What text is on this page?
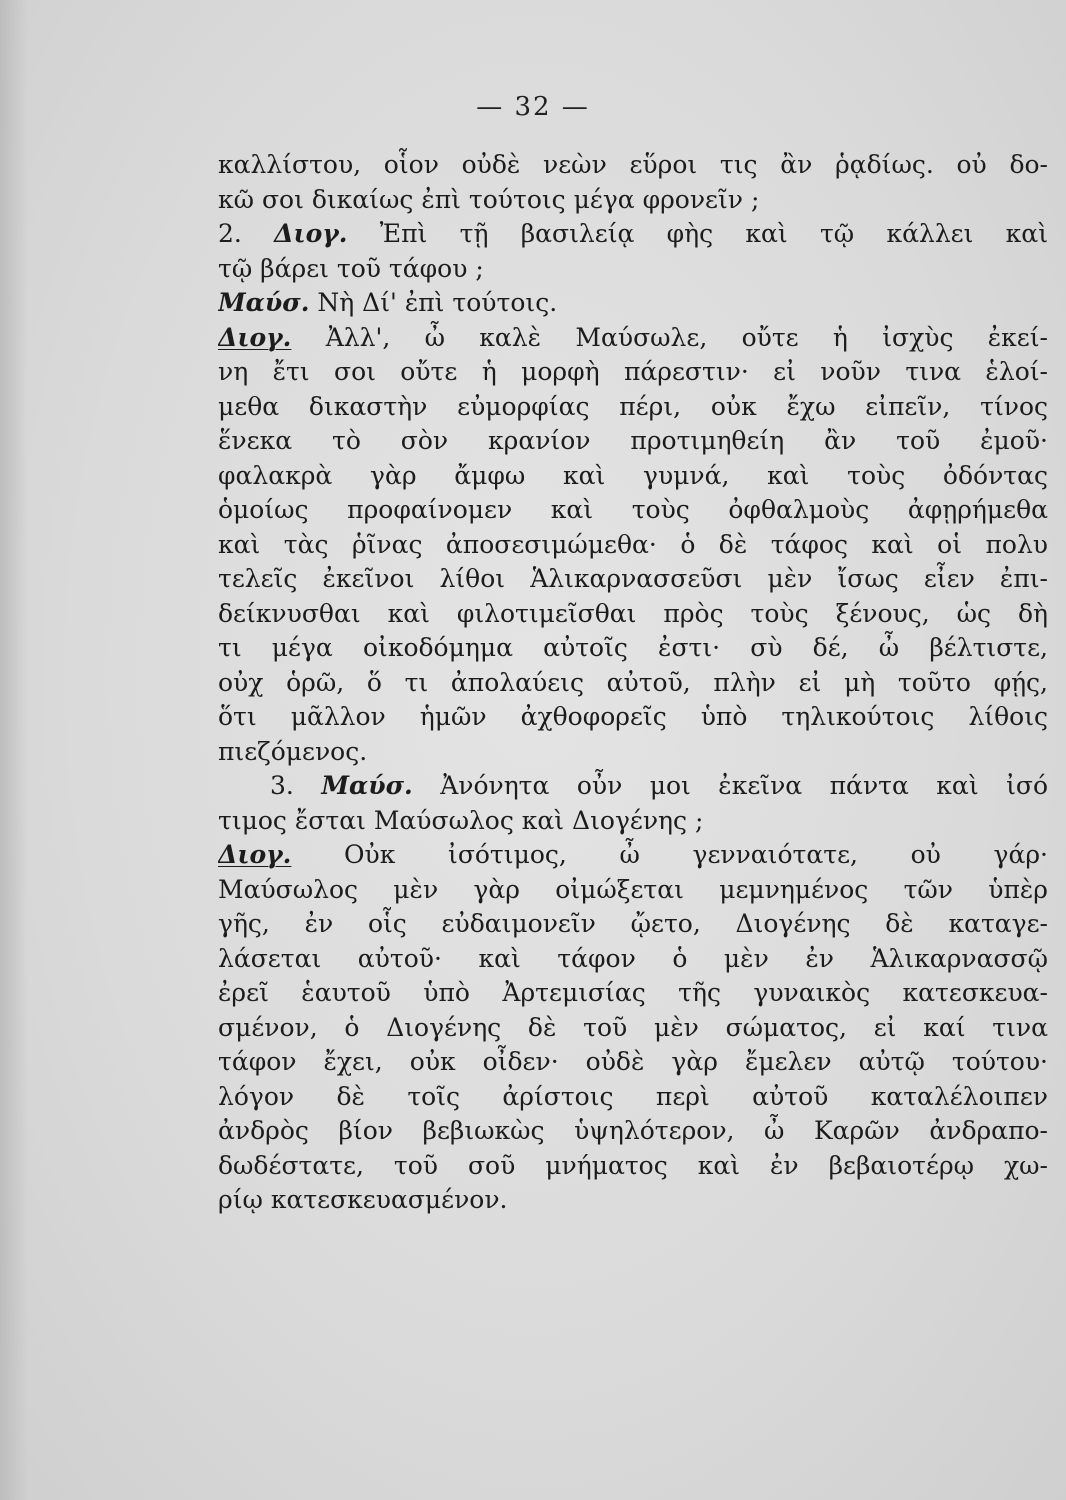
— 32 —
καλλίστου, οἷον οὐδὲ νεὼν εὕροι τις ἂν ῥᾳδίως. οὐ δο-
κῶ σοι δικαίως ἐπὶ τούτοις μέγα φρονεῖν ;
2. Διογ. Ἐπὶ τῇ βασιλείᾳ φὴς καὶ τῷ κάλλει καὶ
τῷ βάρει τοῦ τάφου ;
Μαύσ. Νὴ Δί' ἐπὶ τούτοις.
Διογ. Ἀλλ', ὦ καλὲ Μαύσωλε, οὔτε ἡ ἰσχὺς ἐκεί-
νη ἔτι σοι οὔτε ἡ μορφὴ πάρεστιν· εἰ νοῦν τινα ἑλοί-
μεθα δικαστὴν εὐμορφίας πέρι, οὐκ ἔχω εἰπεῖν, τίνος
ἕνεκα τὸ σὸν κρανίον προτιμηθείη ἂν τοῦ ἐμοῦ·
φαλακρὰ γὰρ ἄμφω καὶ γυμνά, καὶ τοὺς ὀδόντας
ὁμοίως προφαίνομεν καὶ τοὺς ὀφθαλμοὺς ἀφῃρήμεθα
καὶ τὰς ῥῖνας ἀποσεσιμώμεθα· ὁ δὲ τάφος καὶ οἱ πολυ
τελεῖς ἐκεῖνοι λίθοι Ἁλικαρνασσεῦσι μὲν ἴσως εἶεν ἐπι-
δείκνυσθαι καὶ φιλοτιμεῖσθαι πρὸς τοὺς ξένους, ὡς δὴ
τι μέγα οἰκοδόμημα αὐτοῖς ἐστι· σὺ δέ, ὦ βέλτιστε,
οὐχ ὁρῶ, ὅ τι ἀπολαύεις αὐτοῦ, πλὴν εἰ μὴ τοῦτο φῄς,
ὅτι μᾶλλον ἡμῶν ἀχθοφορεῖς ὑπὸ τηλικούτοις λίθοις
πιεζόμενος.
3. Μαύσ. Ἀνόνητα οὖν μοι ἐκεῖνα πάντα καὶ ἰσό
τιμος ἔσται Μαύσωλος καὶ Διογένης ;
Διογ. Οὐκ ἰσότιμος, ὦ γενναιότατε, οὐ γάρ·
Μαύσωλος μὲν γὰρ οἰμώξεται μεμνημένος τῶν ὑπὲρ
γῆς, ἐν οἷς εὐδαιμονεῖν ᾤετο, Διογένης δὲ καταγε-
λάσεται αὐτοῦ· καὶ τάφον ὁ μὲν ἐν Ἁλικαρνασσῷ
ἐρεῖ ἑαυτοῦ ὑπὸ Ἀρτεμισίας τῆς γυναικὸς κατεσκευα-
σμένον, ὁ Διογένης δὲ τοῦ μὲν σώματος, εἰ καί τινα
τάφον ἔχει, οὐκ οἶδεν· οὐδὲ γὰρ ἔμελεν αὐτῷ τούτου·
λόγον δὲ τοῖς ἀρίστοις περὶ αὐτοῦ καταλέλοιπεν
ἀνδρὸς βίον βεβιωκὼς ὑψηλότερον, ὦ Καρῶν ἀνδραπο-
δωδέστατε, τοῦ σοῦ μνήματος καὶ ἐν βεβαιοτέρῳ χω-
ρίῳ κατεσκευασμένον.
